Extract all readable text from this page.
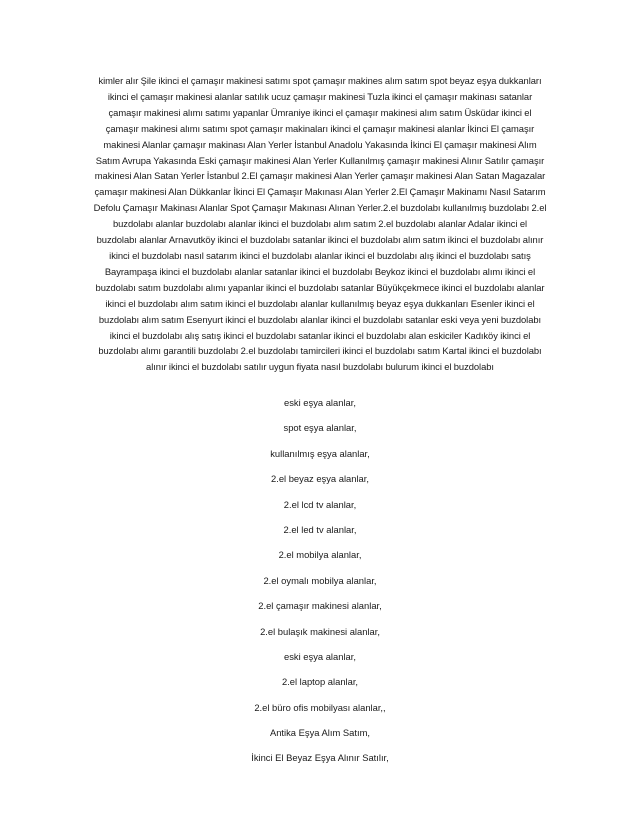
kimler alır Şile ikinci el çamaşır makinesi satımı spot çamaşır makines alım satım spot beyaz eşya dukkanları ikinci el çamaşır makinesi alanlar satılık ucuz çamaşır makinesi Tuzla ikinci el çamaşır makinası satanlar çamaşır makinesi alımı satımı yapanlar Ümraniye ikinci el çamaşır makinesi alım satım Üsküdar ikinci el çamaşır makinesi alımı satımı spot çamaşır makinaları ikinci el çamaşır makinesi alanlar İkinci El çamaşır makinesi Alanlar çamaşır makinası Alan Yerler İstanbul Anadolu Yakasında İkinci El çamaşır makinesi Alım Satım Avrupa Yakasında Eski çamaşır makinesi Alan Yerler Kullanılmış çamaşır makinesi Alınır Satılır çamaşır makinesi Alan Satan Yerler İstanbul 2.El çamaşır makinesi Alan Yerler çamaşır makinesi Alan Satan Magazalar çamaşır makinesi Alan Dükkanlar İkinci El Çamaşır Makınası Alan Yerler 2.El Çamaşır Makinamı Nasıl Satarım Defolu Çamaşır Makinası Alanlar Spot Çamaşır Makınası Alınan Yerler.2.el buzdolabı kullanılmış buzdolabı 2.el buzdolabı alanlar buzdolabı alanlar ikinci el buzdolabı alım satım 2.el buzdolabı alanlar Adalar ikinci el buzdolabı alanlar Arnavutköy ikinci el buzdolabı satanlar ikinci el buzdolabı alım satım ikinci el buzdolabı alınır ikinci el buzdolabı nasıl satarım ikinci el buzdolabı alanlar ikinci el buzdolabı alış ikinci el buzdolabı satış Bayrampaşa ikinci el buzdolabı alanlar satanlar ikinci el buzdolabı Beykoz ikinci el buzdolabı alımı ikinci el buzdolabı satım buzdolabı alımı yapanlar ikinci el buzdolabı satanlar Büyükçekmece ikinci el buzdolabı alanlar ikinci el buzdolabı alım satım ikinci el buzdolabı alanlar kullanılmış beyaz eşya dukkanları Esenler ikinci el buzdolabı alım satım Esenyurt ikinci el buzdolabı alanlar ikinci el buzdolabı satanlar eski veya yeni buzdolabı ikinci el buzdolabı alış satış ikinci el buzdolabı satanlar ikinci el buzdolabı alan eskiciler Kadıköy ikinci el buzdolabı alımı garantili buzdolabı 2.el buzdolabı tamircileri ikinci el buzdolabı satım Kartal ikinci el buzdolabı alınır ikinci el buzdolabı satılır uygun fiyata nasıl buzdolabı bulurum ikinci el buzdolabı

eski eşya alanlar,
spot eşya alanlar,
kullanılmış eşya alanlar,
2.el beyaz eşya alanlar,
2.el lcd tv alanlar,
2.el led tv alanlar,
2.el mobilya alanlar,
2.el oymalı mobilya alanlar,
2.el çamaşır makinesi alanlar,
2.el bulaşık makinesi alanlar,
eski eşya alanlar,
2.el laptop alanlar,
2.el büro ofis mobilyası alanlar,,
Antika Eşya Alım Satım,
İkinci El Beyaz Eşya Alınır Satılır,
